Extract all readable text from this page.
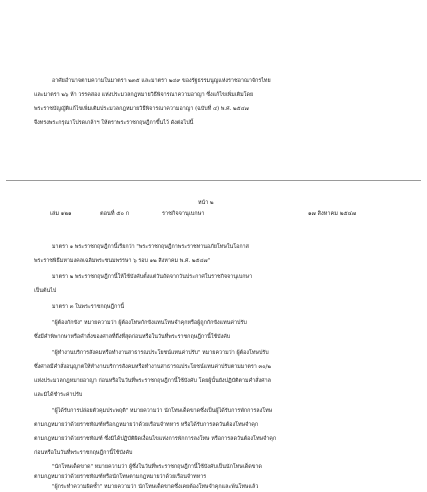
อาศัยอำนาจตามความในมาตรา ๒๓๕ และมาตรา ๒๔๙ ของรัฐธรรมนูญแห่งราชอาณาจักรไทย
และมาตรา ๒๖ ห้า วรรคสอง แห่งประมวลกฎหมายวิธีพิจารณาความอาญา ซึ่งแก้ไขเพิ่มเติมโดย
พระราชบัญญัติแก้ไขเพิ่มเติมประมวลกฎหมายวิธีพิจารณาความอาญา (ฉบับที่ ๔) พ.ศ. ๒๕๔๗
จึงทรงพระกรุณาโปรดเกล้าฯ ให้ตราพระราชกฤษฎีกาขึ้นไว้ ดังต่อไปนี้
หน้า ๒
เล่ม ๑๒๑	ตอนที่ ๕๐ ก	ราชกิจจานุเบกษา	๑๗ สิงหาคม ๒๕๔๗
มาตรา ๑ พระราชกฤษฎีกานี้เรียกว่า "พระราชกฤษฎีกาพระราชทานอภัยโทษในโอกาส
พระราชพิธีมหามงคลเฉลิมพระชนมพรรษา ๖ รอบ ๑๒ สิงหาคม พ.ศ. ๒๕๔๗"
มาตรา ๒ พระราชกฤษฎีกานี้ให้ใช้บังคับตั้งแต่วันถัดจากวันประกาศในราชกิจจานุเบกษา
เป็นต้นไป
มาตรา ๓ ในพระราชกฤษฎีกานี้
"ผู้ต้องกักขัง" หมายความว่า ผู้ต้องโทษกักขังแทนโทษจำคุกหรือผู้ถูกกักขังแทนค่าปรับ
ซึ่งมีคำพิพากษาหรือคำสั่งของศาลที่ถึงที่สุดก่อนหรือในวันที่พระราชกฤษฎีกานี้ใช้บังคับ
"ผู้ทำงานบริการสังคมหรือทำงานสาธารณประโยชน์แทนค่าปรับ" หมายความว่า ผู้ต้องโทษปรับ
ซึ่งศาลมีคำสั่งอนุญาตให้ทำงานบริการสังคมหรือทำงานสาธารณประโยชน์แทนค่าปรับตามมาตรา ๓๐/๒
แห่งประมวลกฎหมายอาญา ก่อนหรือในวันที่พระราชกฤษฎีกานี้ใช้บังคับ โดยผู้นั้นยังปฏิบัติตามคำสั่งศาล
และมิได้ชำระค่าปรับ
"ผู้ได้รับการปล่อยตัวคุมประพฤติ" หมายความว่า นักโทษเด็ดขาดซึ่งเป็นผู้ได้รับการพักการลงโทษ
ตามกฎหมายว่าด้วยราชทัณฑ์หรือกฎหมายว่าด้วยเรือนจำทหาร หรือได้รับการลดวันต้องโทษจำคุก
ตามกฎหมายว่าด้วยราชทัณฑ์ ซึ่งมิได้ปฏิบัติผิดเงื่อนไขแห่งการพักการลงโทษ หรือการลดวันต้องโทษจำคุก
ก่อนหรือในวันที่พระราชกฤษฎีกานี้ใช้บังคับ
"นักโทษเด็ดขาด" หมายความว่า ผู้ซึ่งในวันที่พระราชกฤษฎีกานี้ใช้บังคับเป็นนักโทษเด็ดขาด
ตามกฎหมายว่าด้วยราชทัณฑ์หรือนักโทษตามกฎหมายว่าด้วยเรือนจำทหาร
"ผู้กระทำความผิดซ้ำ" หมายความว่า นักโทษเด็ดขาดซึ่งเคยต้องโทษจำคุกและพ้นโทษแล้ว
